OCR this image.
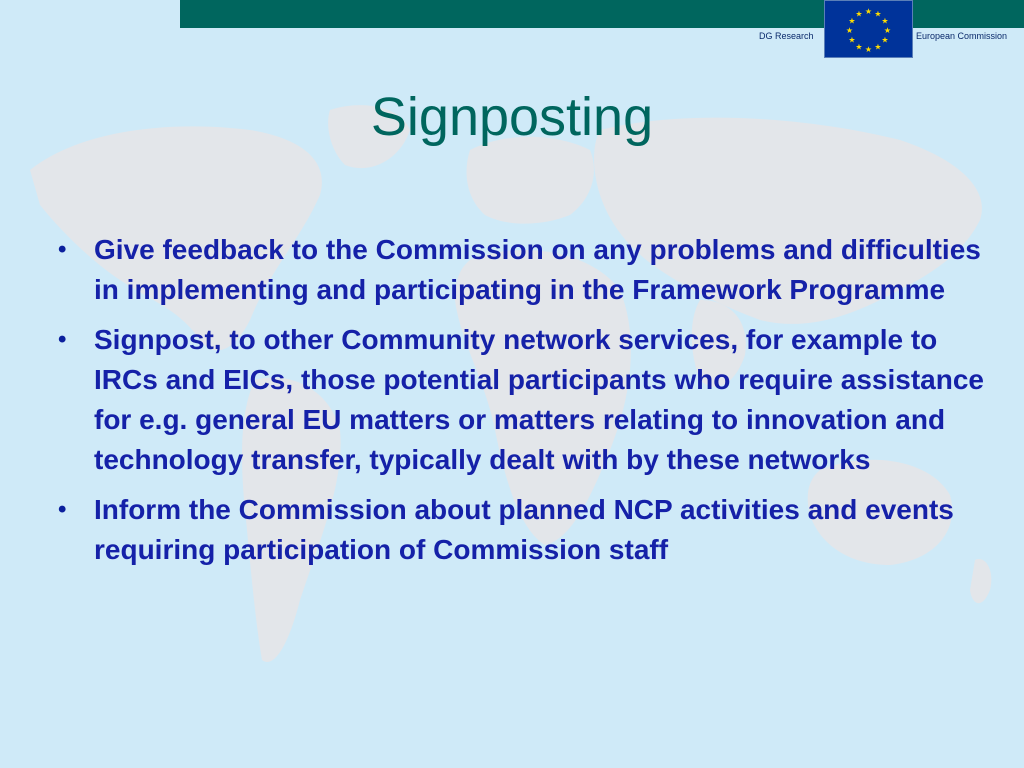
★ ★
★
★
★
★
★
★
★
★
★
★
DG Research	European Commission
Signposting
• Give feedback to the Commission on any problems and difficulties in implementing and participating in the Framework Programme
• Signpost, to other Community network services, for example to IRCs and EICs, those potential participants who require assistance for e.g. general EU matters or matters relating to innovation and technology transfer, typically dealt with by these networks
• Inform the Commission about planned NCP activities and events requiring participation of Commission staff
